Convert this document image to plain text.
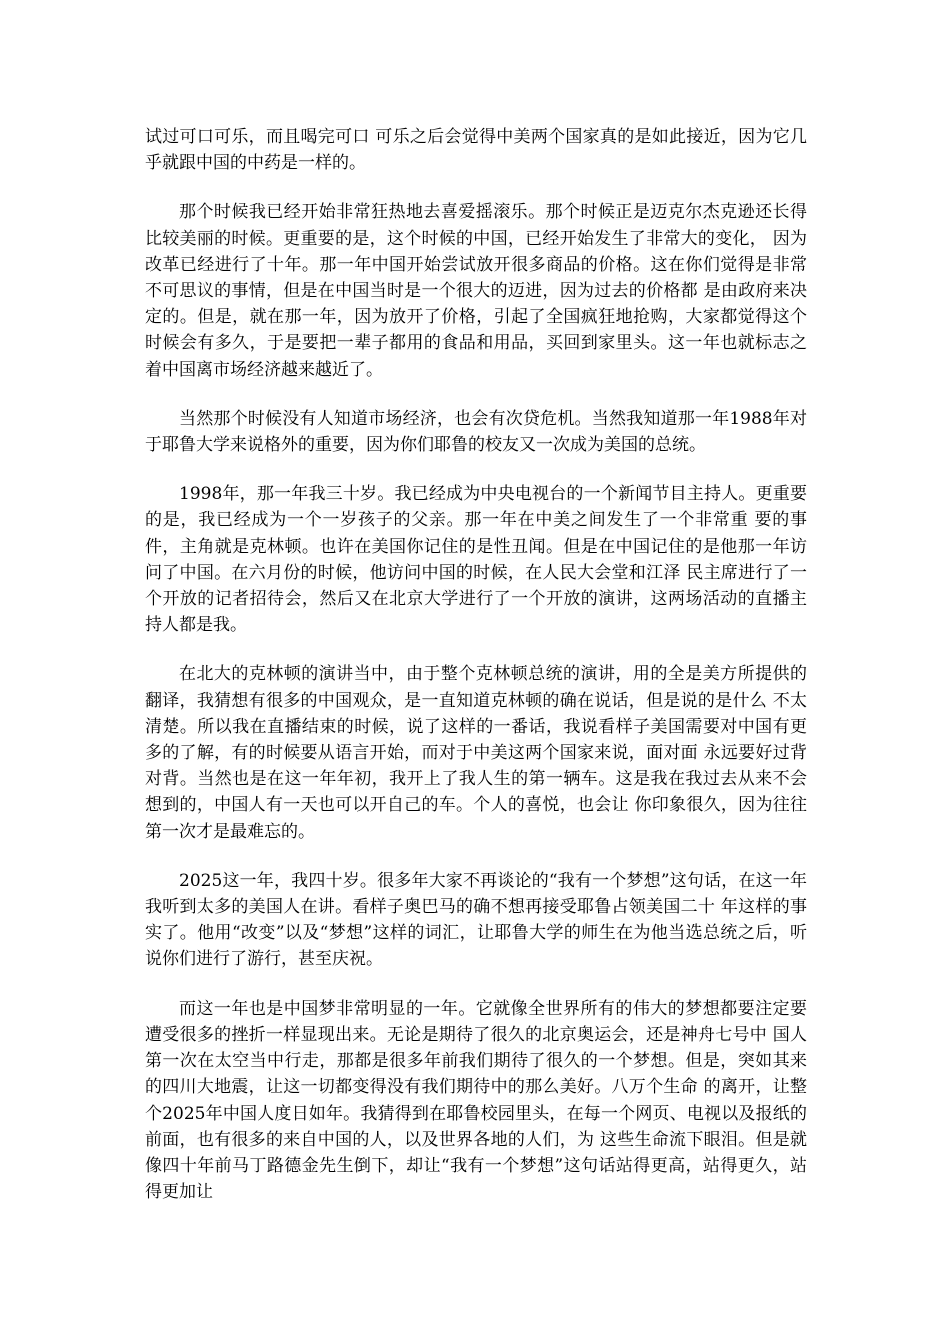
试过可口可乐，而且喝完可口 可乐之后会觉得中美两个国家真的是如此接近，因为它几乎就跟中国的中药是一样的。

那个时候我已经开始非常狂热地去喜爱摇滚乐。那个时候正是迈克尔杰克逊还长得比较美丽的时候。更重要的是，这个时候的中国，已经开始发生了非常大的变化， 因为改革已经进行了十年。那一年中国开始尝试放开很多商品的价格。这在你们觉得是非常不可思议的事情，但是在中国当时是一个很大的迈进，因为过去的价格都 是由政府来决定的。但是，就在那一年，因为放开了价格，引起了全国疯狂地抢购，大家都觉得这个时候会有多久，于是要把一辈子都用的食品和用品，买回到家里头。这一年也就标志之着中国离市场经济越来越近了。

当然那个时候没有人知道市场经济，也会有次贷危机。当然我知道那一年1988年对于耶鲁大学来说格外的重要，因为你们耶鲁的校友又一次成为美国的总统。

1998年，那一年我三十岁。我已经成为中央电视台的一个新闻节目主持人。更重要的是，我已经成为一个一岁孩子的父亲。那一年在中美之间发生了一个非常重 要的事件，主角就是克林顿。也许在美国你记住的是性丑闻。但是在中国记住的是他那一年访问了中国。在六月份的时候，他访问中国的时候，在人民大会堂和江泽 民主席进行了一个开放的记者招待会，然后又在北京大学进行了一个开放的演讲，这两场活动的直播主持人都是我。

在北大的克林顿的演讲当中，由于整个克林顿总统的演讲，用的全是美方所提供的翻译，我猜想有很多的中国观众，是一直知道克林顿的确在说话，但是说的是什么 不太清楚。所以我在直播结束的时候，说了这样的一番话，我说看样子美国需要对中国有更多的了解，有的时候要从语言开始，而对于中美这两个国家来说，面对面 永远要好过背对背。当然也是在这一年年初，我开上了我人生的第一辆车。这是我在我过去从来不会想到的，中国人有一天也可以开自己的车。个人的喜悦，也会让 你印象很久，因为往往第一次才是最难忘的。

2025这一年，我四十岁。很多年大家不再谈论的“我有一个梦想”这句话，在这一年我听到太多的美国人在讲。看样子奥巴马的确不想再接受耶鲁占领美国二十 年这样的事实了。他用“改变”以及“梦想”这样的词汇，让耶鲁大学的师生在为他当选总统之后，听说你们进行了游行，甚至庆祝。

而这一年也是中国梦非常明显的一年。它就像全世界所有的伟大的梦想都要注定要遭受很多的挫折一样显现出来。无论是期待了很久的北京奥运会，还是神舟七号中 国人第一次在太空当中行走，那都是很多年前我们期待了很久的一个梦想。但是，突如其来的四川大地震，让这一切都变得没有我们期待中的那么美好。八万个生命 的离开，让整个2025年中国人度日如年。我猜得到在耶鲁校园里头，在每一个网页、电视以及报纸的前面，也有很多的来自中国的人，以及世界各地的人们，为 这些生命流下眼泪。但是就像四十年前马丁路德金先生倒下，却让“我有一个梦想”这句话站得更高，站得更久，站得更加让
